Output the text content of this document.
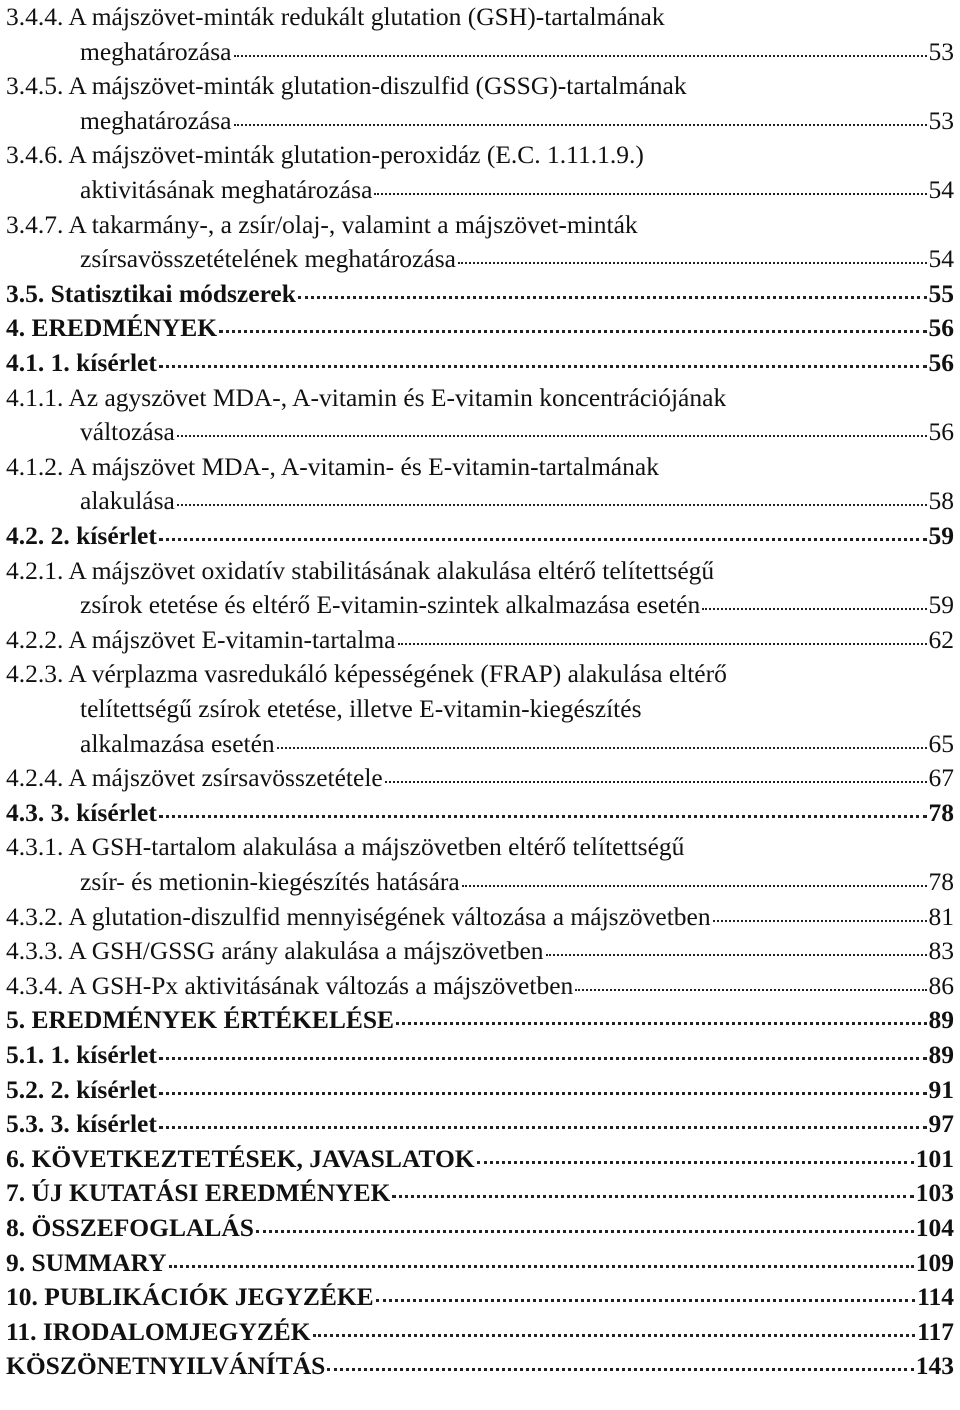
3.4.4. A májszövet-minták redukált glutation (GSH)-tartalmának
meghatározása	53
3.4.5. A májszövet-minták glutation-diszulfid (GSSG)-tartalmának
meghatározása	53
3.4.6. A májszövet-minták glutation-peroxidáz (E.C. 1.11.1.9.)
aktivitásának meghatározása	54
3.4.7. A takarmány-, a zsír/olaj-, valamint a májszövet-minták
zsírsavösszetételének meghatározása	54
3.5. Statisztikai módszerek	55
4. EREDMÉNYEK	56
4.1. 1. kísérlet	56
4.1.1. Az agyszövet MDA-, A-vitamin és E-vitamin koncentrációjának
változása	56
4.1.2. A májszövet MDA-, A-vitamin- és E-vitamin-tartalmának
alakulása	58
4.2. 2. kísérlet	59
4.2.1. A májszövet oxidatív stabilitásának alakulása eltérő telítettségű
zsírok etetése és eltérő E-vitamin-szintek alkalmazása esetén	59
4.2.2. A májszövet E-vitamin-tartalma	62
4.2.3. A vérplazma vasredukáló képességének (FRAP) alakulása eltérő
telítettségű zsírok etetése, illetve E-vitamin-kiegészítés
alkalmazása esetén	65
4.2.4. A májszövet zsírsavösszetétele	67
4.3. 3. kísérlet	78
4.3.1. A GSH-tartalom alakulása a májszövetben eltérő telítettségű
zsír- és metionin-kiegészítés hatására	78
4.3.2. A glutation-diszulfid mennyiségének változása a májszövetben	81
4.3.3. A GSH/GSSG arány alakulása a májszövetben	83
4.3.4. A GSH-Px aktivitásának változás a májszövetben	86
5. EREDMÉNYEK ÉRTÉKELÉSE	89
5.1. 1. kísérlet	89
5.2. 2. kísérlet	91
5.3. 3. kísérlet	97
6. KÖVETKEZTETÉSEK, JAVASLATOK	101
7. ÚJ KUTATÁSI EREDMÉNYEK	103
8. ÖSSZEFOGLALÁS	104
9. SUMMARY	109
10. PUBLIKÁCIÓK JEGYZÉKE	114
11. IRODALOMJEGYZÉK	117
KÖSZÖNETNYILVÁNÍTÁS	143
